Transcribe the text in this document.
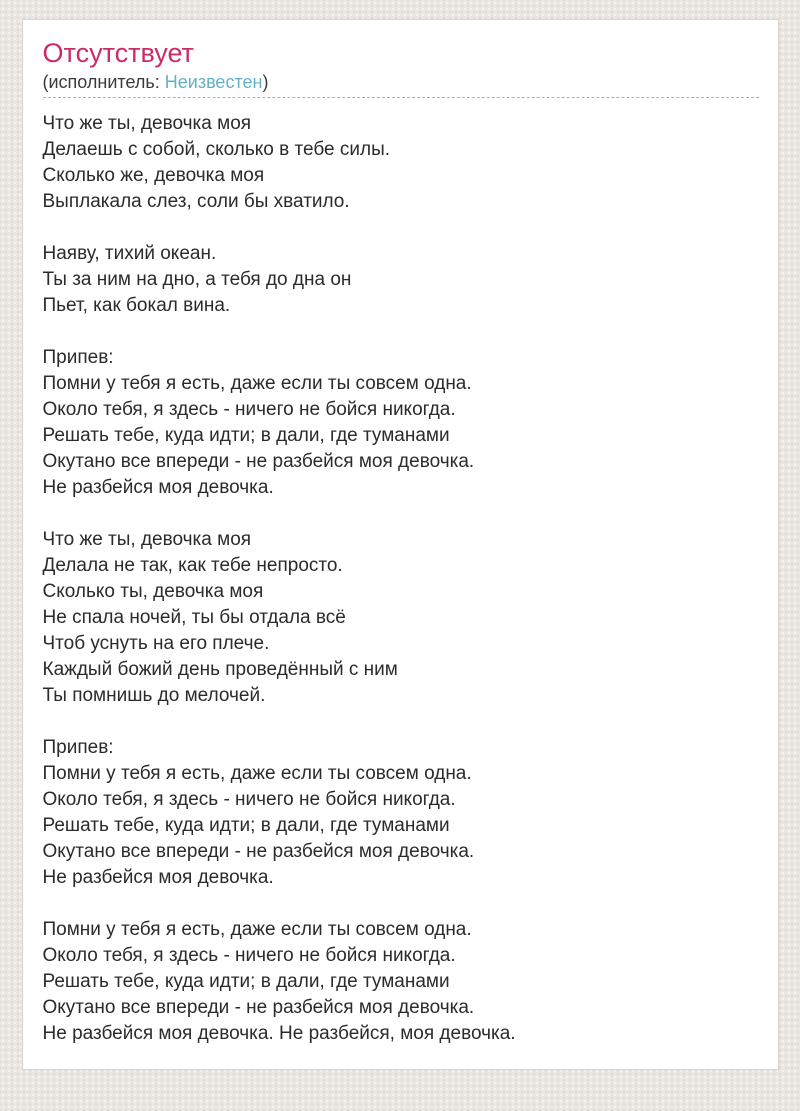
Отсутствует
(исполнитель: Неизвестен)

Что же ты, девочка моя
Делаешь с собой, сколько в тебе силы.
Сколько же, девочка моя
Выплакала слез, соли бы хватило.

Наяву, тихий океан.
Ты за ним на дно, а тебя до дна он
Пьет, как бокал вина.

Припев:
Помни у тебя я есть, даже если ты совсем одна.
Около тебя, я здесь - ничего не бойся никогда.
Решать тебе, куда идти; в дали, где туманами
Окутано все впереди - не разбейся моя девочка.
Не разбейся моя девочка.

Что же ты, девочка моя
Делала не так, как тебе непросто.
Сколько ты, девочка моя
Не спала ночей, ты бы отдала всё
Чтоб уснуть на его плече.
Каждый божий день проведённый с ним
Ты помнишь до мелочей.

Припев:
Помни у тебя я есть, даже если ты совсем одна.
Около тебя, я здесь - ничего не бойся никогда.
Решать тебе, куда идти; в дали, где туманами
Окутано все впереди - не разбейся моя девочка.
Не разбейся моя девочка.

Помни у тебя я есть, даже если ты совсем одна.
Около тебя, я здесь - ничего не бойся никогда.
Решать тебе, куда идти; в дали, где туманами
Окутано все впереди - не разбейся моя девочка.
Не разбейся моя девочка. Не разбейся, моя девочка.
